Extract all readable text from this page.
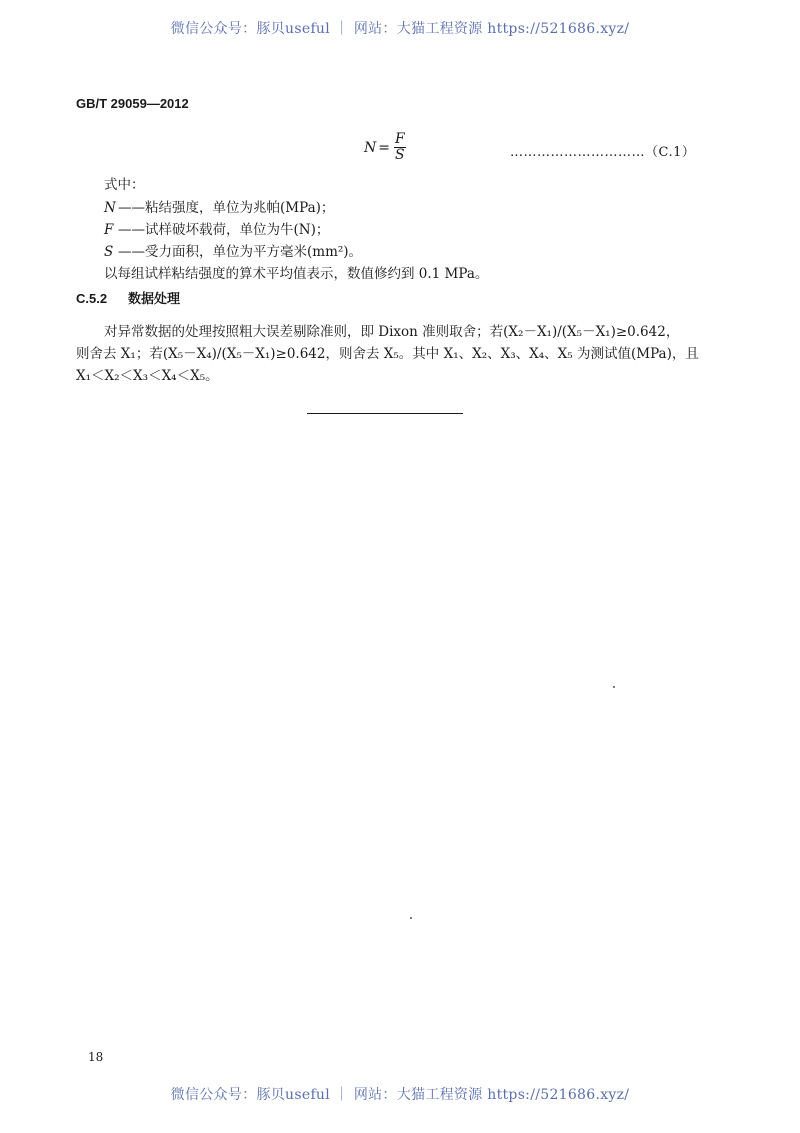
微信公众号：豚贝useful ｜ 网站：大猫工程资源 https://521686.xyz/
GB/T 29059—2012
$N = \frac{F}{S}$	…………………………（C.1）
式中：
N ——粘结强度，单位为兆帕(MPa)；
F ——试样破坏载荷，单位为牛(N)；
S ——受力面积，单位为平方毫米(mm²)。
以每组试样粘结强度的算术平均值表示，数值修约到 0.1 MPa。
C.5.2 数据处理
对异常数据的处理按照粗大误差剔除准则，即 Dixon 准则取舍；若(X₂－X₁)/(X₅－X₁)≥0.642，
则舍去 X₁；若(X₅－X₄)/(X₅－X₁)≥0.642，则舍去 X₅。其中 X₁、X₂、X₃、X₄、X₅ 为测试值(MPa)，且
X₁＜X₂＜X₃＜X₄＜X₅。
18
微信公众号：豚贝useful ｜ 网站：大猫工程资源 https://521686.xyz/
